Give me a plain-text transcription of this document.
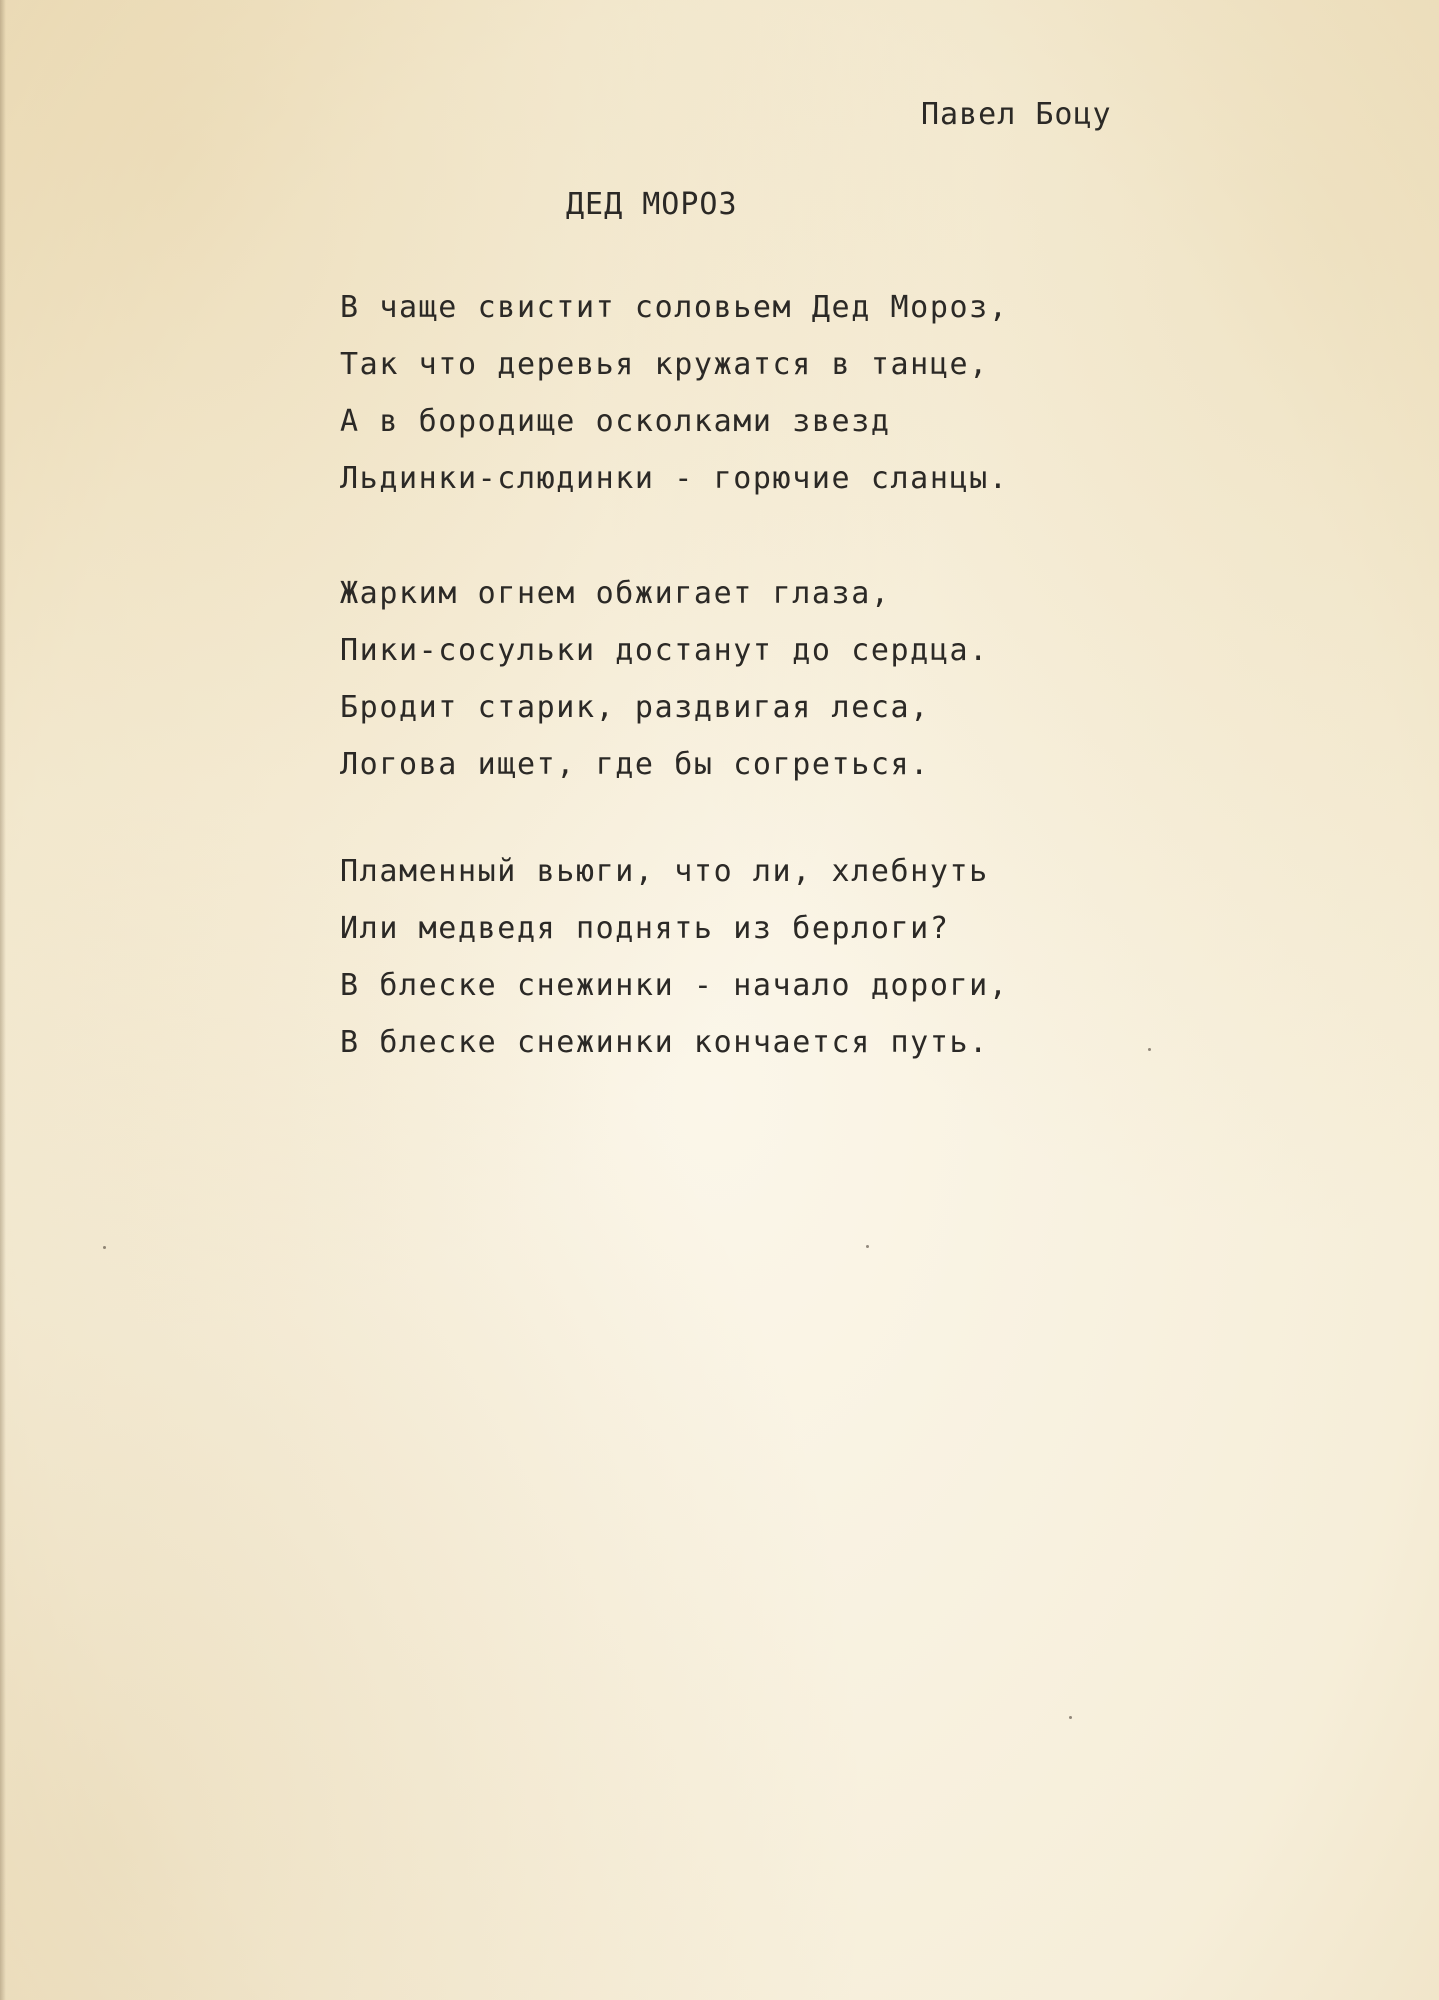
Павел Боцу
ДЕД МОРОЗ
В чаще свистит соловьем Дед Мороз,
Так что деревья кружатся в танце,
А в бородище осколками звезд
Льдинки-слюдинки - горючие сланцы.
Жарким огнем обжигает глаза,
Пики-сосульки достанут до сердца.
Бродит старик, раздвигая леса,
Логова ищет, где бы согреться.
Пламенный вьюги, что ли, хлебнуть
Или медведя поднять из берлоги?
В блеске снежинки - начало дороги,
В блеске снежинки кончается путь.
